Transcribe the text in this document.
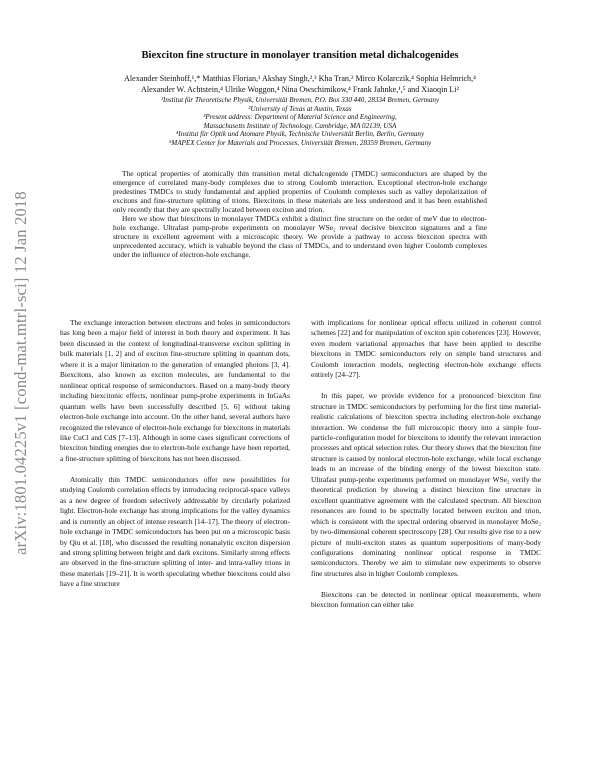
arXiv:1801.04225v1 [cond-mat.mtrl-sci] 12 Jan 2018
Biexciton fine structure in monolayer transition metal dichalcogenides
Alexander Steinhoff,¹,* Matthias Florian,¹ Akshay Singh,²,³ Kha Tran,² Mirco Kolarczik,⁴ Sophia Helmrich,⁴
Alexander W. Achtstein,⁴ Ulrike Woggon,⁴ Nina Owschimikow,⁴ Frank Jahnke,¹,⁵ and Xiaoqin Li²
¹Institut für Theoretische Physik, Universität Bremen, P.O. Box 330 440, 28334 Bremen, Germany
²University of Texas at Austin, Texas
³Present address: Department of Material Science and Engineering,
Massachusetts Institute of Technology, Cambridge, MA 02139, USA
⁴Institut für Optik und Atomare Physik, Technische Universität Berlin, Berlin, Germany
⁵MAPEX Center for Materials and Processes, Universität Bremen, 28359 Bremen, Germany

The optical properties of atomically thin transition metal dichalcogenide (TMDC) semiconductors are shaped by the emergence of correlated many-body complexes due to strong Coulomb interaction. Exceptional electron-hole exchange predestines TMDCs to study fundamental and applied properties of Coulomb complexes such as valley depolarization of excitons and fine-structure splitting of trions. Biexcitons in these materials are less understood and it has been established only recently that they are spectrally located between exciton and trion.

Here we show that biexcitons in monolayer TMDCs exhibit a distinct fine structure on the order of meV due to electron-hole exchange. Ultrafast pump-probe experiments on monolayer WSe₂ reveal decisive biexciton signatures and a fine structure in excellent agreement with a microscopic theory. We provide a pathway to access biexciton spectra with unprecedented accuracy, which is valuable beyond the class of TMDCs, and to understand even higher Coulomb complexes under the influence of electron-hole exchange.

The exchange interaction between electrons and holes in semiconductors has long been a major field of interest in both theory and experiment. It has been discussed in the context of longitudinal-transverse exciton splitting in bulk materials [1, 2] and of exciton fine-structure splitting in quantum dots, where it is a major limitation to the generation of entangled photons [3, 4]. Biexcitons, also known as exciton molecules, are fundamental to the nonlinear optical response of semiconductors. Based on a many-body theory including biexcitonic effects, nonlinear pump-probe experiments in InGaAs quantum wells have been successfully described [5, 6] without taking electron-hole exchange into account. On the other hand, several authors have recognized the relevance of electron-hole exchange for biexcitons in materials like CuCl and CdS [7–13]. Although in some cases significant corrections of biexciton binding energies due to electron-hole exchange have been reported, a fine-structure splitting of biexcitons has not been discussed.

Atomically thin TMDC semiconductors offer new possibilities for studying Coulomb correlation effects by introducing reciprocal-space valleys as a new degree of freedom selectively addressable by circularly polarized light. Electron-hole exchange has strong implications for the valley dynamics and is currently an object of intense research [14–17]. The theory of electron-hole exchange in TMDC semiconductors has been put on a microscopic basis by Qiu et al. [18], who discussed the resulting nonanalytic exciton dispersion and strong splitting between bright and dark excitons. Similarly strong effects are observed in the fine-structure splitting of inter- and intra-valley trions in these materials [19–21]. It is worth speculating whether biexcitons could also have a fine structure

with implications for nonlinear optical effects utilized in coherent control schemes [22] and for manipulation of exciton spin coherences [23]. However, even modern variational approaches that have been applied to describe biexcitons in TMDC semiconductors rely on simple band structures and Coulomb interaction models, neglecting electron-hole exchange effects entirely [24–27].

In this paper, we provide evidence for a pronounced biexciton fine structure in TMDC semiconductors by performing for the first time material-realistic calculations of biexciton spectra including electron-hole exchange interaction. We condense the full microscopic theory into a simple four-particle-configuration model for biexcitons to identify the relevant interaction processes and optical selection rules. Our theory shows that the biexciton fine structure is caused by nonlocal electron-hole exchange, while local exchange leads to an increase of the binding energy of the lowest biexciton state. Ultrafast pump-probe experiments performed on monolayer WSe₂ verify the theoretical prediction by showing a distinct biexciton fine structure in excellent quantitative agreement with the calculated spectrum. All biexciton resonances are found to be spectrally located between exciton and trion, which is consistent with the spectral ordering observed in monolayer MoSe₂ by two-dimensional coherent spectroscopy [28]. Our results give rise to a new picture of multi-exciton states as quantum superpositions of many-body configurations dominating nonlinear optical response in TMDC semiconductors. Thereby we aim to stimulate new experiments to observe fine structures also in higher Coulomb complexes.

Biexcitons can be detected in nonlinear optical measurements, where biexciton formation can either take
